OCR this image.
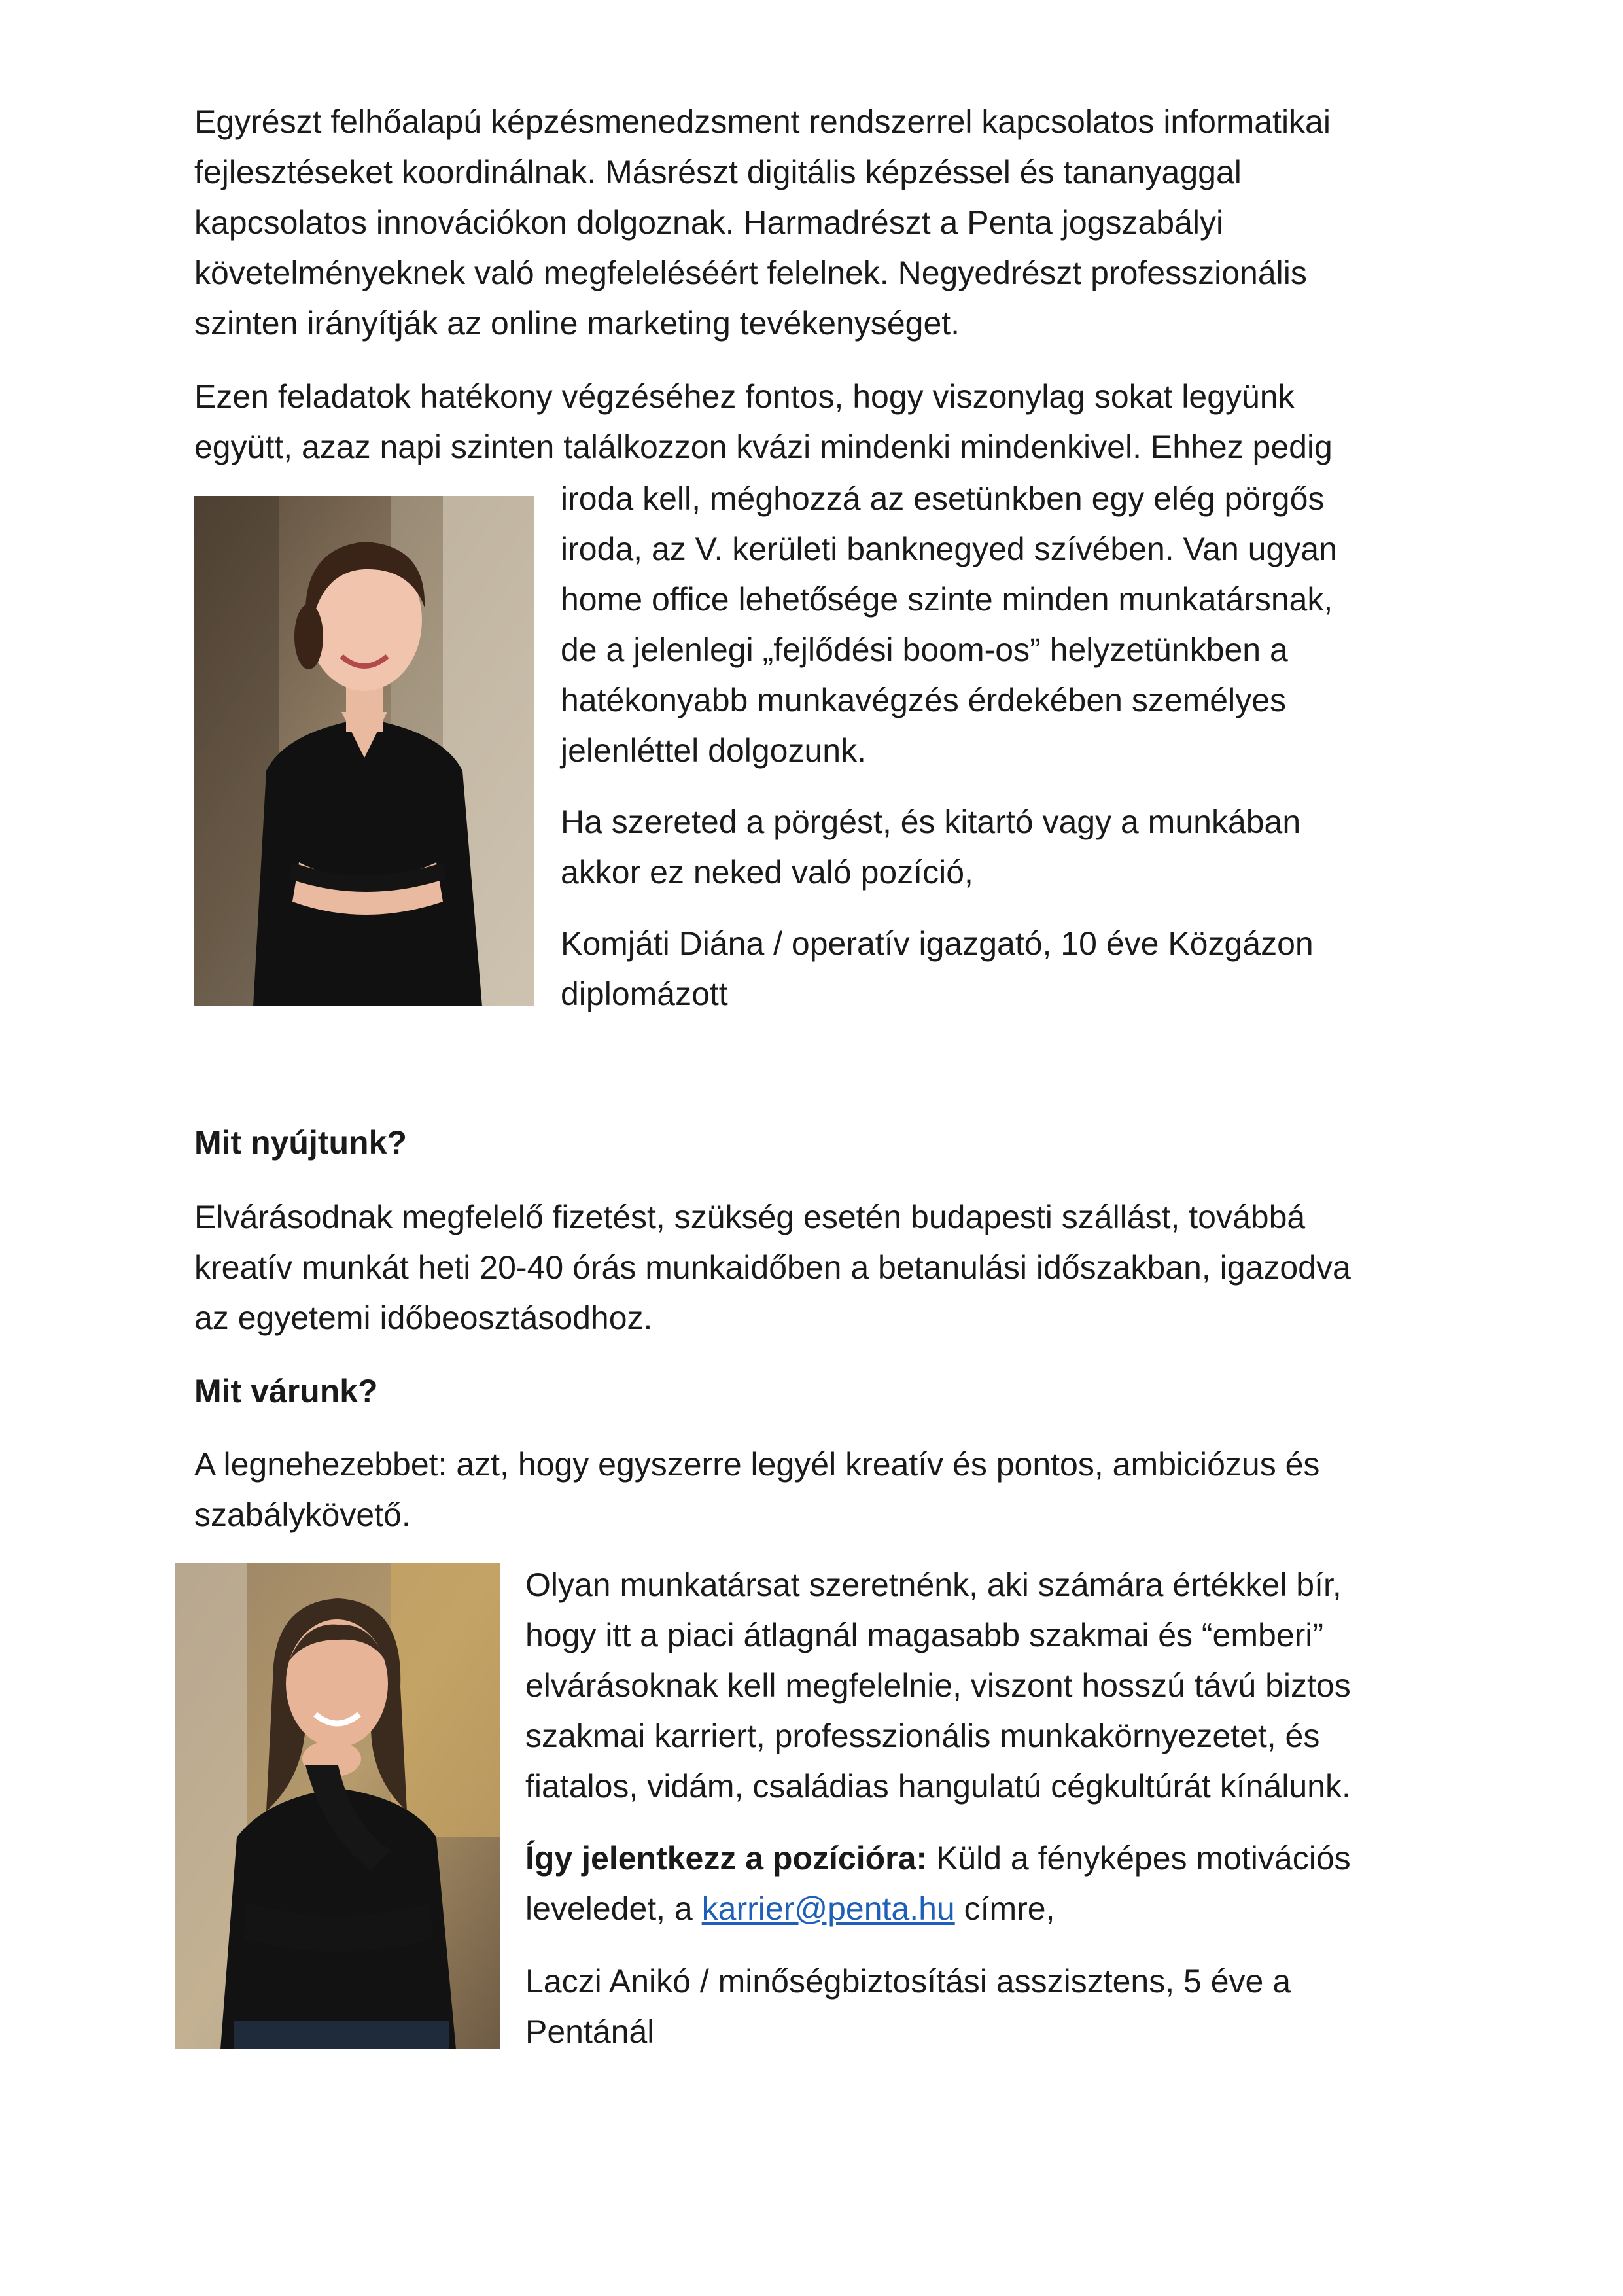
Egyrészt felhőalapú képzésmenedzsment rendszerrel kapcsolatos informatikai
fejlesztéseket koordinálnak. Másrészt digitális képzéssel és tananyaggal
kapcsolatos innovációkon dolgoznak. Harmadrészt a Penta jogszabályi
követelményeknek való megfeleléséért felelnek. Negyedrészt professzionális
szinten irányítják az online marketing tevékenységet.
Ezen feladatok hatékony végzéséhez fontos, hogy viszonylag sokat legyünk
együtt, azaz napi szinten találkozzon kvázi mindenki mindenkivel. Ehhez pedig
iroda kell, méghozzá az esetünkben egy elég pörgős
iroda, az V. kerületi banknegyed szívében. Van ugyan
home office lehetősége szinte minden munkatársnak,
de a jelenlegi „fejlődési boom-os” helyzetünkben a
hatékonyabb munkavégzés érdekében személyes
jelenléttel dolgozunk.
Ha szereted a pörgést, és kitartó vagy a munkában
akkor ez neked való pozíció,
Komjáti Diána / operatív igazgató, 10 éve Közgázon
diplomázott
Mit nyújtunk?
Elvárásodnak megfelelő fizetést, szükség esetén budapesti szállást, továbbá
kreatív munkát heti 20-40 órás munkaidőben a betanulási időszakban, igazodva
az egyetemi időbeosztásodhoz.
Mit várunk?
A legnehezebbet: azt, hogy egyszerre legyél kreatív és pontos, ambiciózus és
szabálykövető.
Olyan munkatársat szeretnénk, aki számára értékkel bír,
hogy itt a piaci átlagnál magasabb szakmai és “emberi”
elvárásoknak kell megfelelnie, viszont hosszú távú biztos
szakmai karriert, professzionális munkakörnyezetet, és
fiatalos, vidám, családias hangulatú cégkultúrát kínálunk.
Így jelentkezz a pozícióra: Küld a fényképes motivációs
leveledet, a karrier@penta.hu címre,
Laczi Anikó / minőségbiztosítási asszisztens, 5 éve a
Pentánál
